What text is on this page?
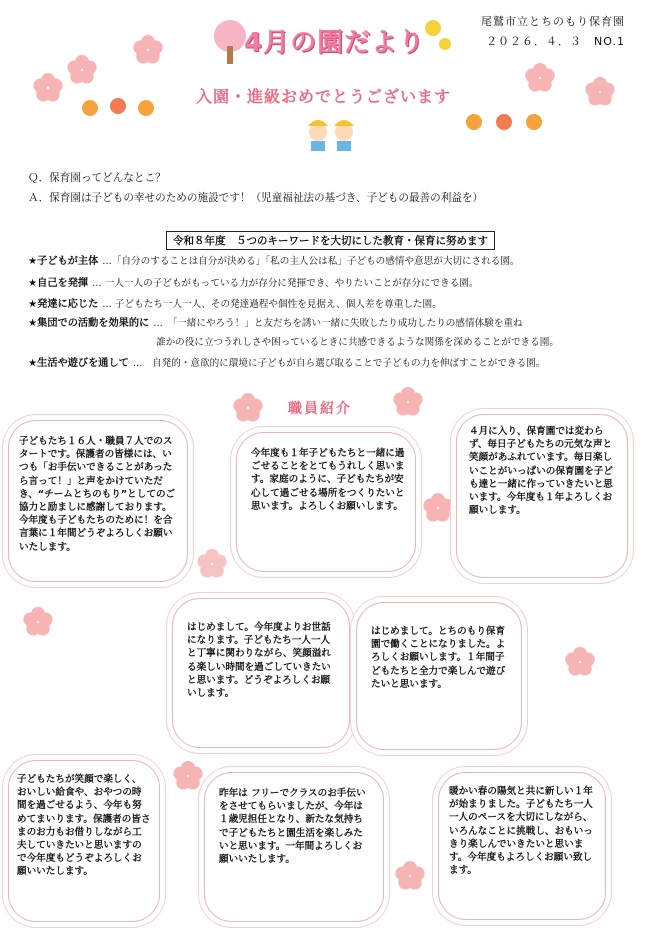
4月の園だより
尾鷲市立とちのもり保育園
２０２６．４．３　NO.1
入園・進級おめでとうございます
Ｑ．保育園ってどんなとこ？
Ａ．保育園は子どもの幸せのための施設です！（児童福祉法の基づき、子どもの最善の利益を）
令和８年度　５つのキーワードを大切にした教育・保育に努めます
★子どもが主体 …「自分のすることは自分が決める」「私の主人公は私」子どもの感情や意思が大切にされる園。
★自己を発揮 … 一人一人の子どもがもっている力が存分に発揮でき、やりたいことが存分にできる園。
★発達に応じた … 子どもたち一人一人、その発達過程や個性を見据え、個人差を尊重した園。
★集団での活動を効果的に …　「一緒にやろう！」と友だちを誘い一緒に失敗したり成功したりの感情体験を重ね
誰かの役に立つうれしさや困っているときに共感できるような関係を深めることができる園。
★生活や遊びを通して …　自発的・意欲的に環境に子どもが自ら選び取ることで子どもの力を伸ばすことができる園。
職員紹介
子どもたち１６人・職員７人でのスタートです。保護者の皆様には、いつも「お手伝いできることがあったら言って！」と声をかけていただき、“チームとちのもり”としてのご協力と励ましに感謝しております。今年度も子どもたちのために！を合言葉に１年間どうぞよろしくお願いいたします。
今年度も１年子どもたちと一緒に過ごせることをとてもうれしく思います。家庭のように、子どもたちが安心して過ごせる場所をつくりたいと思います。よろしくお願いします。
４月に入り、保育園では変わらず、毎日子どもたちの元気な声と笑顔があふれています。毎日楽しいことがいっぱいの保育園を子ども達と一緒に作っていきたいと思います。今年度も１年よろしくお願いします。
はじめまして。今年度よりお世話になります。子どもたち一人一人と丁寧に関わりながら、笑顔溢れる楽しい時間を過ごしていきたいと思います。どうぞよろしくお願いします。
はじめまして。とちのもり保育園で働くことになりました。よろしくお願いします。１年間子どもたちと全力で楽しんで遊びたいと思います。
子どもたちが笑顔で楽しく、おいしい給食や、おやつの時間を過ごせるよう、今年も努めてまいります。保護者の皆さまのお力もお借りしながら工夫していきたいと思いますので今年度もどうぞよろしくお願いいたします。
昨年は フリーでクラスのお手伝いをさせてもらいましたが、今年は１歳児担任となり、新たな気持ちで子どもたちと園生活を楽しみたいと思います。一年間よろしくお願いいたします。
暖かい春の陽気と共に新しい１年が始まりました。子どもたち一人一人のペースを大切にしながら、いろんなことに挑戦し、おもいっきり楽しんでいきたいと思います。今年度もよろしくお願い致します。
